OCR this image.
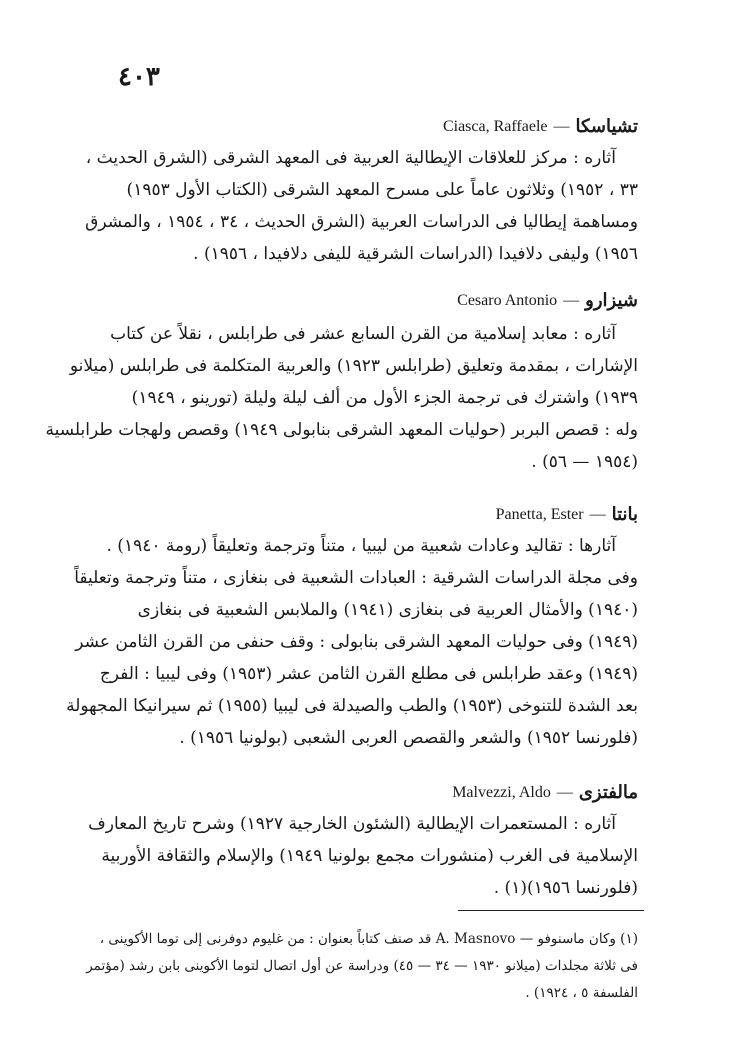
٤٠٣
Ciasca, Raffaele — تشياسكا
آثاره : مركز للعلاقات الإيطالية العربية فى المعهد الشرقى (الشرق الحديث ،
٣٣ ، ١٩٥٢) وثلاثون عاماً على مسرح المعهد الشرقى (الكتاب الأول ١٩٥٣)
ومساهمة إيطاليا فى الدراسات العربية (الشرق الحديث ، ٣٤ ، ١٩٥٤ ، والمشرق
١٩٥٦) وليفى دلافيدا (الدراسات الشرقية لليفى دلافيدا ، ١٩٥٦) .
Cesaro Antonio — شيزارو
آثاره : معابد إسلامية من القرن السابع عشر فى طرابلس ، نقلاً عن كتاب
الإشارات ، بمقدمة وتعليق (طرابلس ١٩٢٣) والعربية المتكلمة فى طرابلس (ميلانو
١٩٣٩) واشترك فى ترجمة الجزء الأول من ألف ليلة وليلة (تورينو ، ١٩٤٩)
وله : قصص البربر (حوليات المعهد الشرقى بنابولى ١٩٤٩) وقصص ولهجات طرابلسية
(١٩٥٤ — ٥٦) .
Panetta, Ester — بانتا
آثارها : تقاليد وعادات شعبية من ليبيا ، متناً وترجمة وتعليقاً (رومة ١٩٤٠) .
وفى مجلة الدراسات الشرقية : العبادات الشعبية فى بنغازى ، متناً وترجمة وتعليقاً
(١٩٤٠) والأمثال العربية فى بنغازى (١٩٤١) والملابس الشعبية فى بنغازى
(١٩٤٩) وفى حوليات المعهد الشرقى بنابولى : وقف حنفى من القرن الثامن عشر
(١٩٤٩) وعقد طرابلس فى مطلع القرن الثامن عشر (١٩٥٣) وفى ليبيا : الفرج
بعد الشدة للتنوخى (١٩٥٣) والطب والصيدلة فى ليبيا (١٩٥٥) ثم سيرانيكا المجهولة
(فلورنسا ١٩٥٢) والشعر والقصص العربى الشعبى (بولونيا ١٩٥٦) .
Malvezzi, Aldo — مالفتزى
آثاره : المستعمرات الإيطالية (الشئون الخارجية ١٩٢٧) وشرح تاريخ المعارف
الإسلامية فى الغرب (منشورات مجمع بولونيا ١٩٤٩) والإسلام والثقافة الأوربية
(فلورنسا ١٩٥٦)(١) .
(١) وكان ماسنوفو — A. Masnovo قد صنف كتاباً بعنوان : من غليوم دوفرنى إلى توما الأكوينى ،
فى ثلاثة مجلدات (ميلانو ١٩٣٠ — ٣٤ — ٤٥) ودراسة عن أول اتصال لتوما الأكوينى بابن رشد (مؤتمر
الفلسفة ٥ ، ١٩٢٤) .
